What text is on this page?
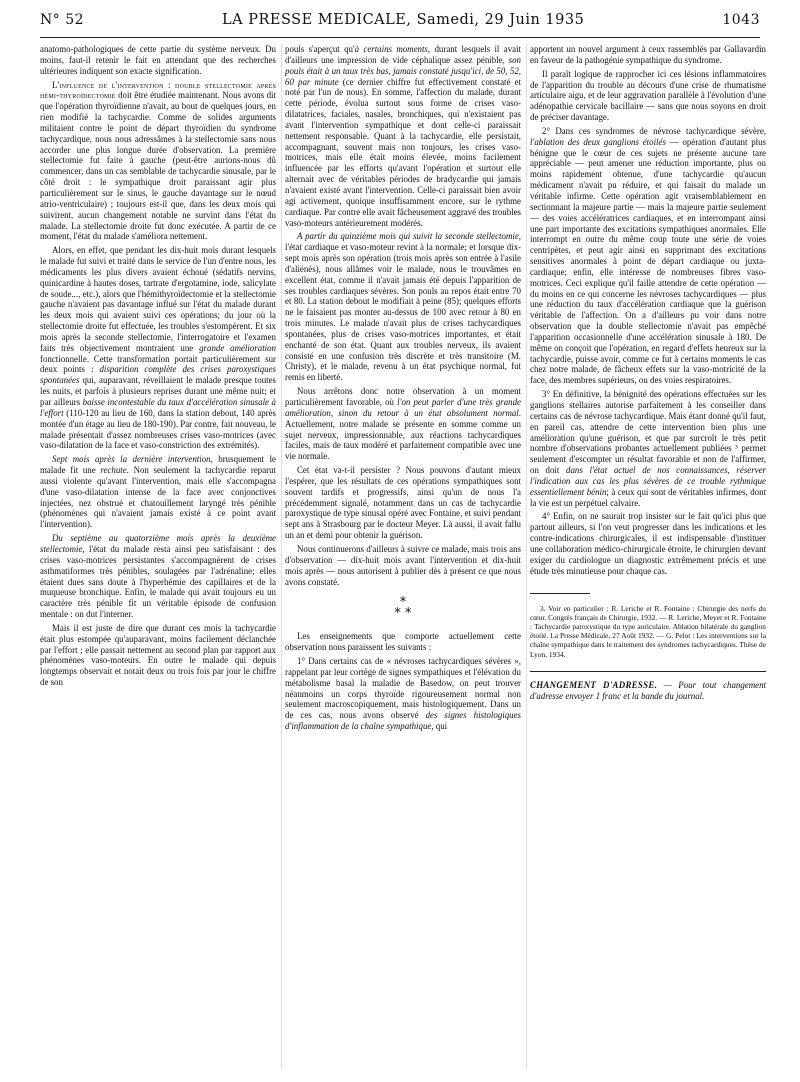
N° 52	LA PRESSE MEDICALE, Samedi, 29 Juin 1935	1043

anatomo-pathologiques de cette partie du système nerveux. Du moins, faut-il retenir le fait en attendant que des recherches ultérieures indiquent son exacte signification.

L'influence de l'intervention : double stellectomie après hémi-thyroïdectomie doit être étudiée maintenant. Nous avons dit que l'opération thyroïdienne n'avait, au bout de quelques jours, en rien modifié la tachycardie. Comme de solides arguments militaient contre le point de départ thyroïdien du syndrome tachycardique, nous nous adressâmes à la stellectomie sans nous accorder une plus longue durée d'observation. La première stellectomie fut faite à gauche (peut-être aurions-nous dû commencer, dans un cas semblable de tachycardie sinusale, par le côté droit : le sympathique droit paraissant agir plus particulièrement sur le sinus, le gauche davantage sur le nœud atrio-ventriculaire) ; toujours est-il que, dans les deux mois qui suivirent, aucun changement notable ne survint dans l'état du malade. La stellectomie droite fut donc exécutée. A partir de ce moment, l'état du malade s'améliora nettement.

Alors, en effet, que pendant les dix-huit mois durant lesquels le malade fut suivi et traité dans le service de l'un d'entre nous, les médicaments les plus divers avaient échoué (sédatifs nervins, quinicardine à hautes doses, tartrate d'ergotamine, iode, salicylate de soude..., etc.), alors que l'hémithyroïdectomie et la stellectomie gauche n'avaient pas davantage influé sur l'état du malade durant les deux mois qui avaient suivi ces opérations; du jour où la stellectomie droite fut effectuée, les troubles s'estompèrent. Et six mois après la seconde stellectomie, l'interrogatoire et l'examen faits très objectivement montraient une grande amélioration fonctionnelle. Cette transformation portait particulièrement sur deux points : disparition complète des crises paroxystiques spontanées qui, auparavant, réveillaient le malade presque toutes les nuits, et parfois à plusieurs reprises durant une même nuit; et par ailleurs baisse incontestable du taux d'accélération sinusale à l'effort (110-120 au lieu de 160, dans la station debout, 140 après montée d'un étage au lieu de 180-190). Par contre, fait nouveau, le malade présentait d'assez nombreuses crises vaso-motrices (avec vaso-dilatation de la face et vaso-constriction des extrémités).

Sept mois après la dernière intervention, brusquement le malade fit une rechute. Non seulement la tachycardie reparut aussi violente qu'avant l'intervention, mais elle s'accompagna d'une vaso-dilatation intense de la face avec conjonctives injectées, nez obstrué et chatouillement laryngé très pénible (phénomènes qui n'avaient jamais existé à ce point avant l'intervention).

Du septième au quatorzième mois après la deuxième stellectomie, l'état du malade resta ainsi peu satisfaisant : des crises vaso-motrices persistantes s'accompagnèrent de crises asthmatiformes très pénibles, soulagées par l'adrénaline; elles étaient dues sans doute à l'hyperhémie des capillaires et de la muqueuse bronchique. Enfin, le malade qui avait toujours eu un caractère très pénible fit un véritable épisode de confusion mentale : on dut l'interner.

Mais il est juste de dire que durant ces mois la tachycardie était plus estompée qu'auparavant, moins facilement déclanchée par l'effort ; elle passait nettement au second plan par rapport aux phénomènes vaso-moteurs. En outre le malade qui depuis longtemps observait et notait deux ou trois fois par jour le chiffre de son

pouls s'aperçut qu'à certains moments, durant lesquels il avait d'ailleurs une impression de vide céphalique assez pénible, son pouls était à un taux très bas, jamais constaté jusqu'ici, de 50, 52, 60 par minute (ce dernier chiffre fut effectivement constaté et noté par l'un de nous). En somme, l'affection du malade, durant cette période, évolua surtout sous forme de crises vaso-dilatatrices, faciales, nasales, bronchiques, qui n'existaient pas avant l'intervention sympathique et dont celle-ci paraissait nettement responsable. Quant à la tachycardie, elle persistait, accompagnant, souvent mais non toujours, les crises vaso-motrices, mais elle était moins élevée, moins facilement influencée par les efforts qu'avant l'opération et surtout elle alternait avec de véritables périodes de bradycardie qui jamais n'avaient existé avant l'intervention. Celle-ci paraissait bien avoir agi activement, quoique insuffisamment encore, sur le rythme cardiaque. Par contre elle avait fâcheusement aggravé des troubles vaso-moteurs antérieurement modérés.

A partir du quinzième mois qui suivit la seconde stellectomie, l'état cardiaque et vaso-moteur revint à la normale; et lorsque dix-sept mois après son opération (trois mois après son entrée à l'asile d'aliénés), nous allâmes voir le malade, nous le trouvâmes en excellent état, comme il n'avait jamais été depuis l'apparition de ses troubles cardiaques sévères. Son pouls au repos était entre 70 et 80. La station debout le modifiait à peine (85); quelques efforts ne le faisaient pas monter au-dessus de 100 avec retour à 80 en trois minutes. Le malade n'avait plus de crises tachycardiques spontanées, plus de crises vaso-motrices importantes, et était enchanté de son état. Quant aux troubles nerveux, ils avaient consisté en une confusion très discrète et très transitoire (M. Christy), et le malade, revenu à un état psychique normal, fut remis en liberté.

Nous arrêtons donc notre observation à un moment particulièrement favorable, où l'on peut parler d'une très grande amélioration, sinon du retour à un état absolument normal. Actuellement, notre malade se présente en somme comme un sujet nerveux, impressionnable, aux réactions tachycardiques faciles, mais de taux modéré et parfaitement compatible avec une vie normale.

Cet état va-t-il persister ? Nous pouvons d'autant mieux l'espérer, que les résultats de ces opérations sympathiques sont souvent tardifs et progressifs, ainsi qu'un de nous l'a précédemment signalé, notamment dans un cas de tachycardie paroxystique de type sinusal opéré avec Fontaine, et suivi pendant sept ans à Strasbourg par le docteur Meyer. Là aussi, il avait fallu un an et demi pour obtenir la guérison.

Nous continuerons d'ailleurs à suivre ce malade, mais trois ans d'observation — dix-huit mois avant l'intervention et dix-huit mois après — nous autorisent à publier dès à présent ce que nous avons constaté.

*
* *

Les enseignements que comporte actuellement cette observation nous paraissent les suivants :

1° Dans certains cas de « névroses tachycardiques sévères », rappelant par leur cortège de signes sympathiques et l'élévation du métabolisme basal la maladie de Basedow, on peut trouver néanmoins un corps thyroïde rigoureusement normal non seulement macroscopiquement, mais histologiquement. Dans un de ces cas, nous avons observé des signes histologiques d'inflammation de la chaîne sympathique, qui

apportent un nouvel argument à ceux rassemblés par Gallavardin en faveur de la pathogénie sympathique du syndrome.

Il paraît logique de rapprocher ici ces lésions inflammatoires de l'apparition du trouble au décours d'une crise de rhumatisme articulaire aigu, et de leur aggravation parallèle à l'évolution d'une adénopathie cervicale bacillaire — sans que nous soyons en droit de préciser davantage.

2° Dans ces syndromes de névrose tachycardique sévère, l'ablation des deux ganglions étoilés — opération d'autant plus bénigne que le cœur de ces sujets ne présente aucune tare appréciable — peut amener une réduction importante, plus ou moins rapidement obtenue, d'une tachycardie qu'aucun médicament n'avait pu réduire, et qui faisait du malade un véritable infirme. Cette opération agit vraisemblablement en sectionnant la majeure partie — mais la majeure partie seulement — des voies accélératrices cardiaques, et en interrompant ainsi une part importante des excitations sympathiques anormales. Elle interrompt en outre du même coup toute une série de voies centripètes, et peut agir ainsi en supprimant des excitations sensitives anormales à point de départ cardiaque ou juxta-cardiaque; enfin, elle intéresse de nombreuses fibres vaso-motrices. Ceci explique qu'il faille attendre de cette opération — du moins en ce qui concerne les névroses tachycardiques — plus une réduction du taux d'accélération cardiaque que la guérison véritable de l'affection. On a d'ailleurs pu voir dans notre observation que la double stellectomie n'avait pas empêché l'apparition occasionnelle d'une accélération sinusale à 180. De même on conçoit que l'opération, en regard d'effets heureux sur la tachycardie, puisse avoir, comme ce fut à certains moments le cas chez notre malade, de fâcheux effets sur la vaso-motricité de la face, des membres supérieurs, ou des voies respiratoires.

3° En définitive, la bénignité des opérations effectuées sur les ganglions stellaires autorise parfaitement à les conseiller dans certains cas de névrose tachycardique. Mais étant donné qu'il faut, en pareil cas, attendre de cette intervention bien plus une amélioration qu'une guérison, et que par surcroît le très petit nombre d'observations probantes actuellement publiées ³ permet seulement d'escompter un résultat favorable et non de l'affirmer, on doit dans l'état actuel de nos connaissances, réserver l'indication aux cas les plus sévères de ce trouble rythmique essentiellement bénin; à ceux qui sont de véritables infirmes, dont la vie est un perpétuel calvaire.

4° Enfin, on ne saurait trop insister sur le fait qu'ici plus que partout ailleurs, si l'on veut progresser dans les indications et les contre-indications chirurgicales, il est indispensable d'instituer une collaboration médico-chirurgicale étroite, le chirurgien devant exiger du cardiologue un diagnostic extrêmement précis et une étude très minutieuse pour chaque cas.

3. Voir en particulier : R. Leriche et R. Fontaine : Chirurgie des nerfs du cœur. Congrès français de Chirurgie, 1932. — R. Leriche, Meyer et R. Fontaine : Tachycardie paroxystique du type auriculaire. Ablation bilatérale du ganglion étoilé. La Presse Médicale, 27 Août 1932. — G. Pelot : Les interventions sur la chaîne sympathique dans le traitement des syndromes tachycardiques. Thèse de Lyon, 1934.

CHANGEMENT D'ADRESSE. — Pour tout changement d'adresse envoyer 1 franc et la bande du journal.
